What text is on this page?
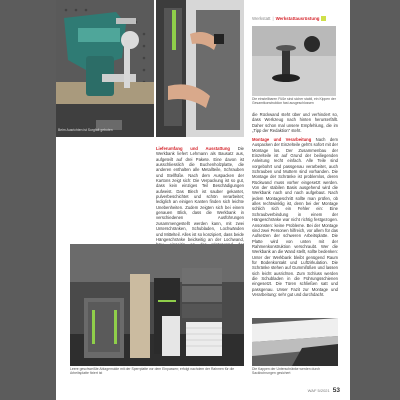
Beim Ausrichten ist Sorgfalt geboten
Werkstatt | Werkstattausrüstung
Die einstellbaren Füße sind sicher stabil, ein Kippen der Gesamtkonstruktion fast ausgeschlossen
die Rückwand steht über und verhindert so, dass Werkzeug nach hinten herunterfällt. Daher schon mal unsere Empfehlung, die im „Tipp der Redaktion" steht.
Lieferumfang und Ausstattung Die Werkbank liefert Lehmann als Bausatz aus, aufgeteilt auf drei Pakete. Eine davon ist ausschliesslich die Buchenholzplatte, die anderen enthalten alle Metallteile, Schrauben und Stellfüße. Nach dem Auspacken der Kartons zeigt sich: Die Verpackung ist so gut, dass kein einziges Teil Beschädigungen aufweist. Das Blech ist sauber gekantet, pulverbeschichtet und schön verarbeitet; lediglich an einigen Kanten finden sich leichte Unebenheiten. Zudem zeigten sich bei einem genauen Blick, dass die Werkbank in verschiedenen Ausführungen zusammengestellt werden kann, mit zwei Unterschränken, Schubladen, Lochwänden und Mittelteil. Alles ist so konzipiert, dass beide Hängeschränke beidseitig an der Lochwand,
Montage und Verarbeitung Nach dem Auspacken der Einzelteile geht's sofort mit der Montage los. Der Zusammenbau der Einzelteile ist auf Grund der beiliegenden Anleitung recht einfach. Alle Teile sind vorgebohrt und passgenau verarbeitet, auch Schrauben und Muttern sind vorhanden. Die Montage der Schränke ist problemlos, deren Rückwand muss vorher eingesetzt werden. Von der stabilen Basis ausgehend wird die Werkbank nach und nach aufgebaut. Nach jedem Montageschritt sollte man prüfen, ob alles rechtwinklig ist, denn bei der Montage schlich sich ein Fehler ein: Eine Schraubverbindung in einem der Hängeschränke war nicht richtig festgezogen. Ansonsten: keine Probleme. Bei der Montage sind zwei Personen hilfreich, vor allem für das Aufsetzen der schweren Arbeitsplatte. Die Platte wird von unten mit der Rahmenkonstruktion verschraubt. Wer die Werkbank an die Wand stellt, sollte bedenken: Unter der Werkbank bleibt genügend Raum für Bodenkontakt und Luftzirkulation. Die Schränke stehen auf Gummifüßen und lassen sich leicht ausrichten. Zum Schluss werden die Schubladen in die Führungsschienen eingesetzt. Die Türen schließen satt und passgenau. Unser Fazit zur Montage und Verarbeitung: sehr gut und durchdacht.
Leere geschweißte Ablagemulde mit der Sperrplatte vor dem Einpassen; erfolgt nachdem der Rahmen für die Arbeitsplatte fixiert ist
Die Kappen der Unterschränke werden durch Sackbohrungen gesichert
WAF 5/2021 53
